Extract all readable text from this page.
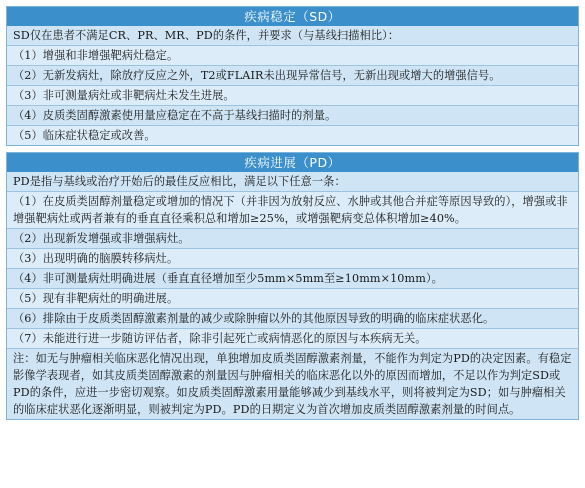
疾病稳定（SD）
SD仅在患者不满足CR、PR、MR、PD的条件，并要求（与基线扫描相比）：
（1）增强和非增强靶病灶稳定。
（2）无新发病灶，除放疗反应之外，T2或FLAIR未出现异常信号，无新出现或增大的增强信号。
（3）非可测量病灶或非靶病灶未发生进展。
（4）皮质类固醇激素使用量应稳定在不高于基线扫描时的剂量。
（5）临床症状稳定或改善。
疾病进展（PD）
PD是指与基线或治疗开始后的最佳反应相比，满足以下任意一条：
（1）在皮质类固醇剂量稳定或增加的情况下（并非因为放射反应、水肿或其他合并症等原因导致的），增强或非增强靶病灶或两者兼有的垂直直径乘积总和增加≥25%，或增强靶病变总体积增加≥40%。
（2）出现新发增强或非增强病灶。
（3）出现明确的脑膜转移病灶。
（4）非可测量病灶明确进展（垂直直径增加至少5mm×5mm至≥10mm×10mm）。
（5）现有非靶病灶的明确进展。
（6）排除由于皮质类固醇激素剂量的减少或除肿瘤以外的其他原因导致的明确的临床症状恶化。
（7）未能进行进一步随访评估者，除非引起死亡或病情恶化的原因与本疾病无关。
注：如无与肿瘤相关临床恶化情况出现，单独增加皮质类固醇激素剂量，不能作为判定为PD的决定因素。有稳定影像学表现者，如其皮质类固醇激素的剂量因与肿瘤相关的临床恶化以外的原因而增加，不足以作为判定SD或PD的条件，应进一步密切观察。如皮质类固醇激素用量能够减少到基线水平，则将被判定为SD；如与肿瘤相关的临床症状恶化逐渐明显，则被判定为PD。PD的日期定义为首次增加皮质类固醇激素剂量的时间点。
